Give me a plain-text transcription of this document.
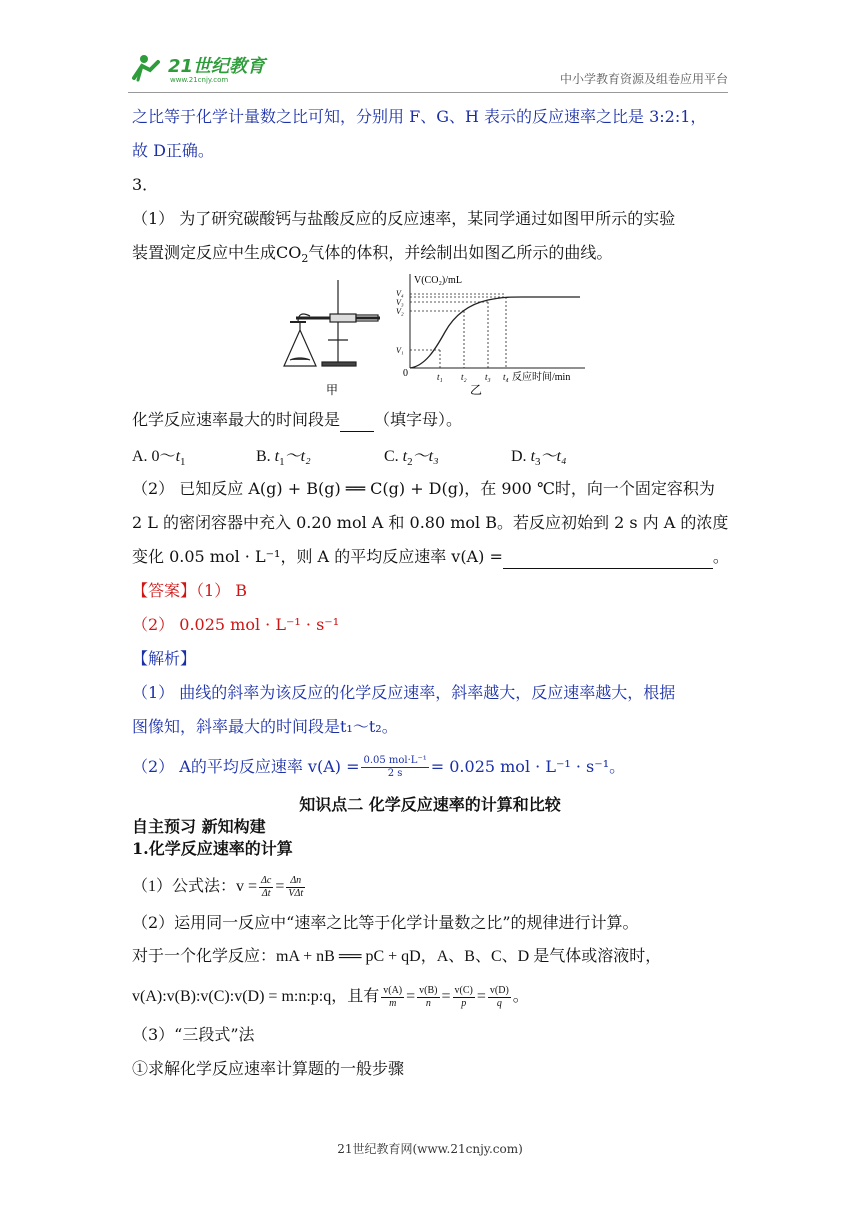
21世纪教育
www.21cnjy.com	中小学教育资源及组卷应用平台
之比等于化学计量数之比可知，分别用 F、G、H 表示的反应速率之比是 3:2:1，
故 D正确。
3．
（1） 为了研究碳酸钙与盐酸反应的反应速率，某同学通过如图甲所示的实验
装置测定反应中生成$CO_2$气体的体积，并绘制出如图乙所示的曲线。
甲
V(CO₂)/mL
0	t₁ t₂ t₃ t₄ 反应时间/min
V₁
V₂
V₃
V₄
乙
化学反应速率最大的时间段是 （填字母）。
A. $0\sim t_1$	B. $t_1\sim t_2$	C. $t_2\sim t_3$	D. $t_3\sim t_4$
（2） 已知反应 A(g) + B(g) ══ C(g) + D(g)，在 900 ℃时，向一个固定容积为
2 L 的密闭容器中充入 0.20 mol A 和 0.80 mol B。若反应初始到 2 s 内 A 的浓度
变化 0.05 mol · L⁻¹，则 A 的平均反应速率 v(A) =	。
【答案】（1） B
（2） 0.025 mol · L⁻¹ · s⁻¹
【解析】
（1） 曲线的斜率为该反应的化学反应速率，斜率越大，反应速率越大，根据
图像知，斜率最大的时间段是t₁～t₂。
（2） A的平均反应速率 $v(A) = \frac{\text{0.05 mol·L⁻¹}}{2 s} = 0.025$ mol · L⁻¹ · s⁻¹。
知识点二 化学反应速率的计算和比较
自主预习 新知构建
1.化学反应速率的计算
（1）公式法：$v = \frac{\Delta c}{\Delta t} = \frac{\Delta n}{\text{VΔt}}$
（2）运用同一反应中“速率之比等于化学计量数之比”的规律进行计算。
对于一个化学反应：mA + nB ══ pC + qD，A、B、C、D 是气体或溶液时，
v(A):v(B):v(C):v(D) = m:n:p:q，且有 $\frac{v(A)}{m} = \frac{v(B)}{n} = \frac{v(C)}{p} = \frac{v(D)}{q}$ 。
（3）“三段式”法
①求解化学反应速率计算题的一般步骤
21世纪教育网(www.21cnjy.com)
